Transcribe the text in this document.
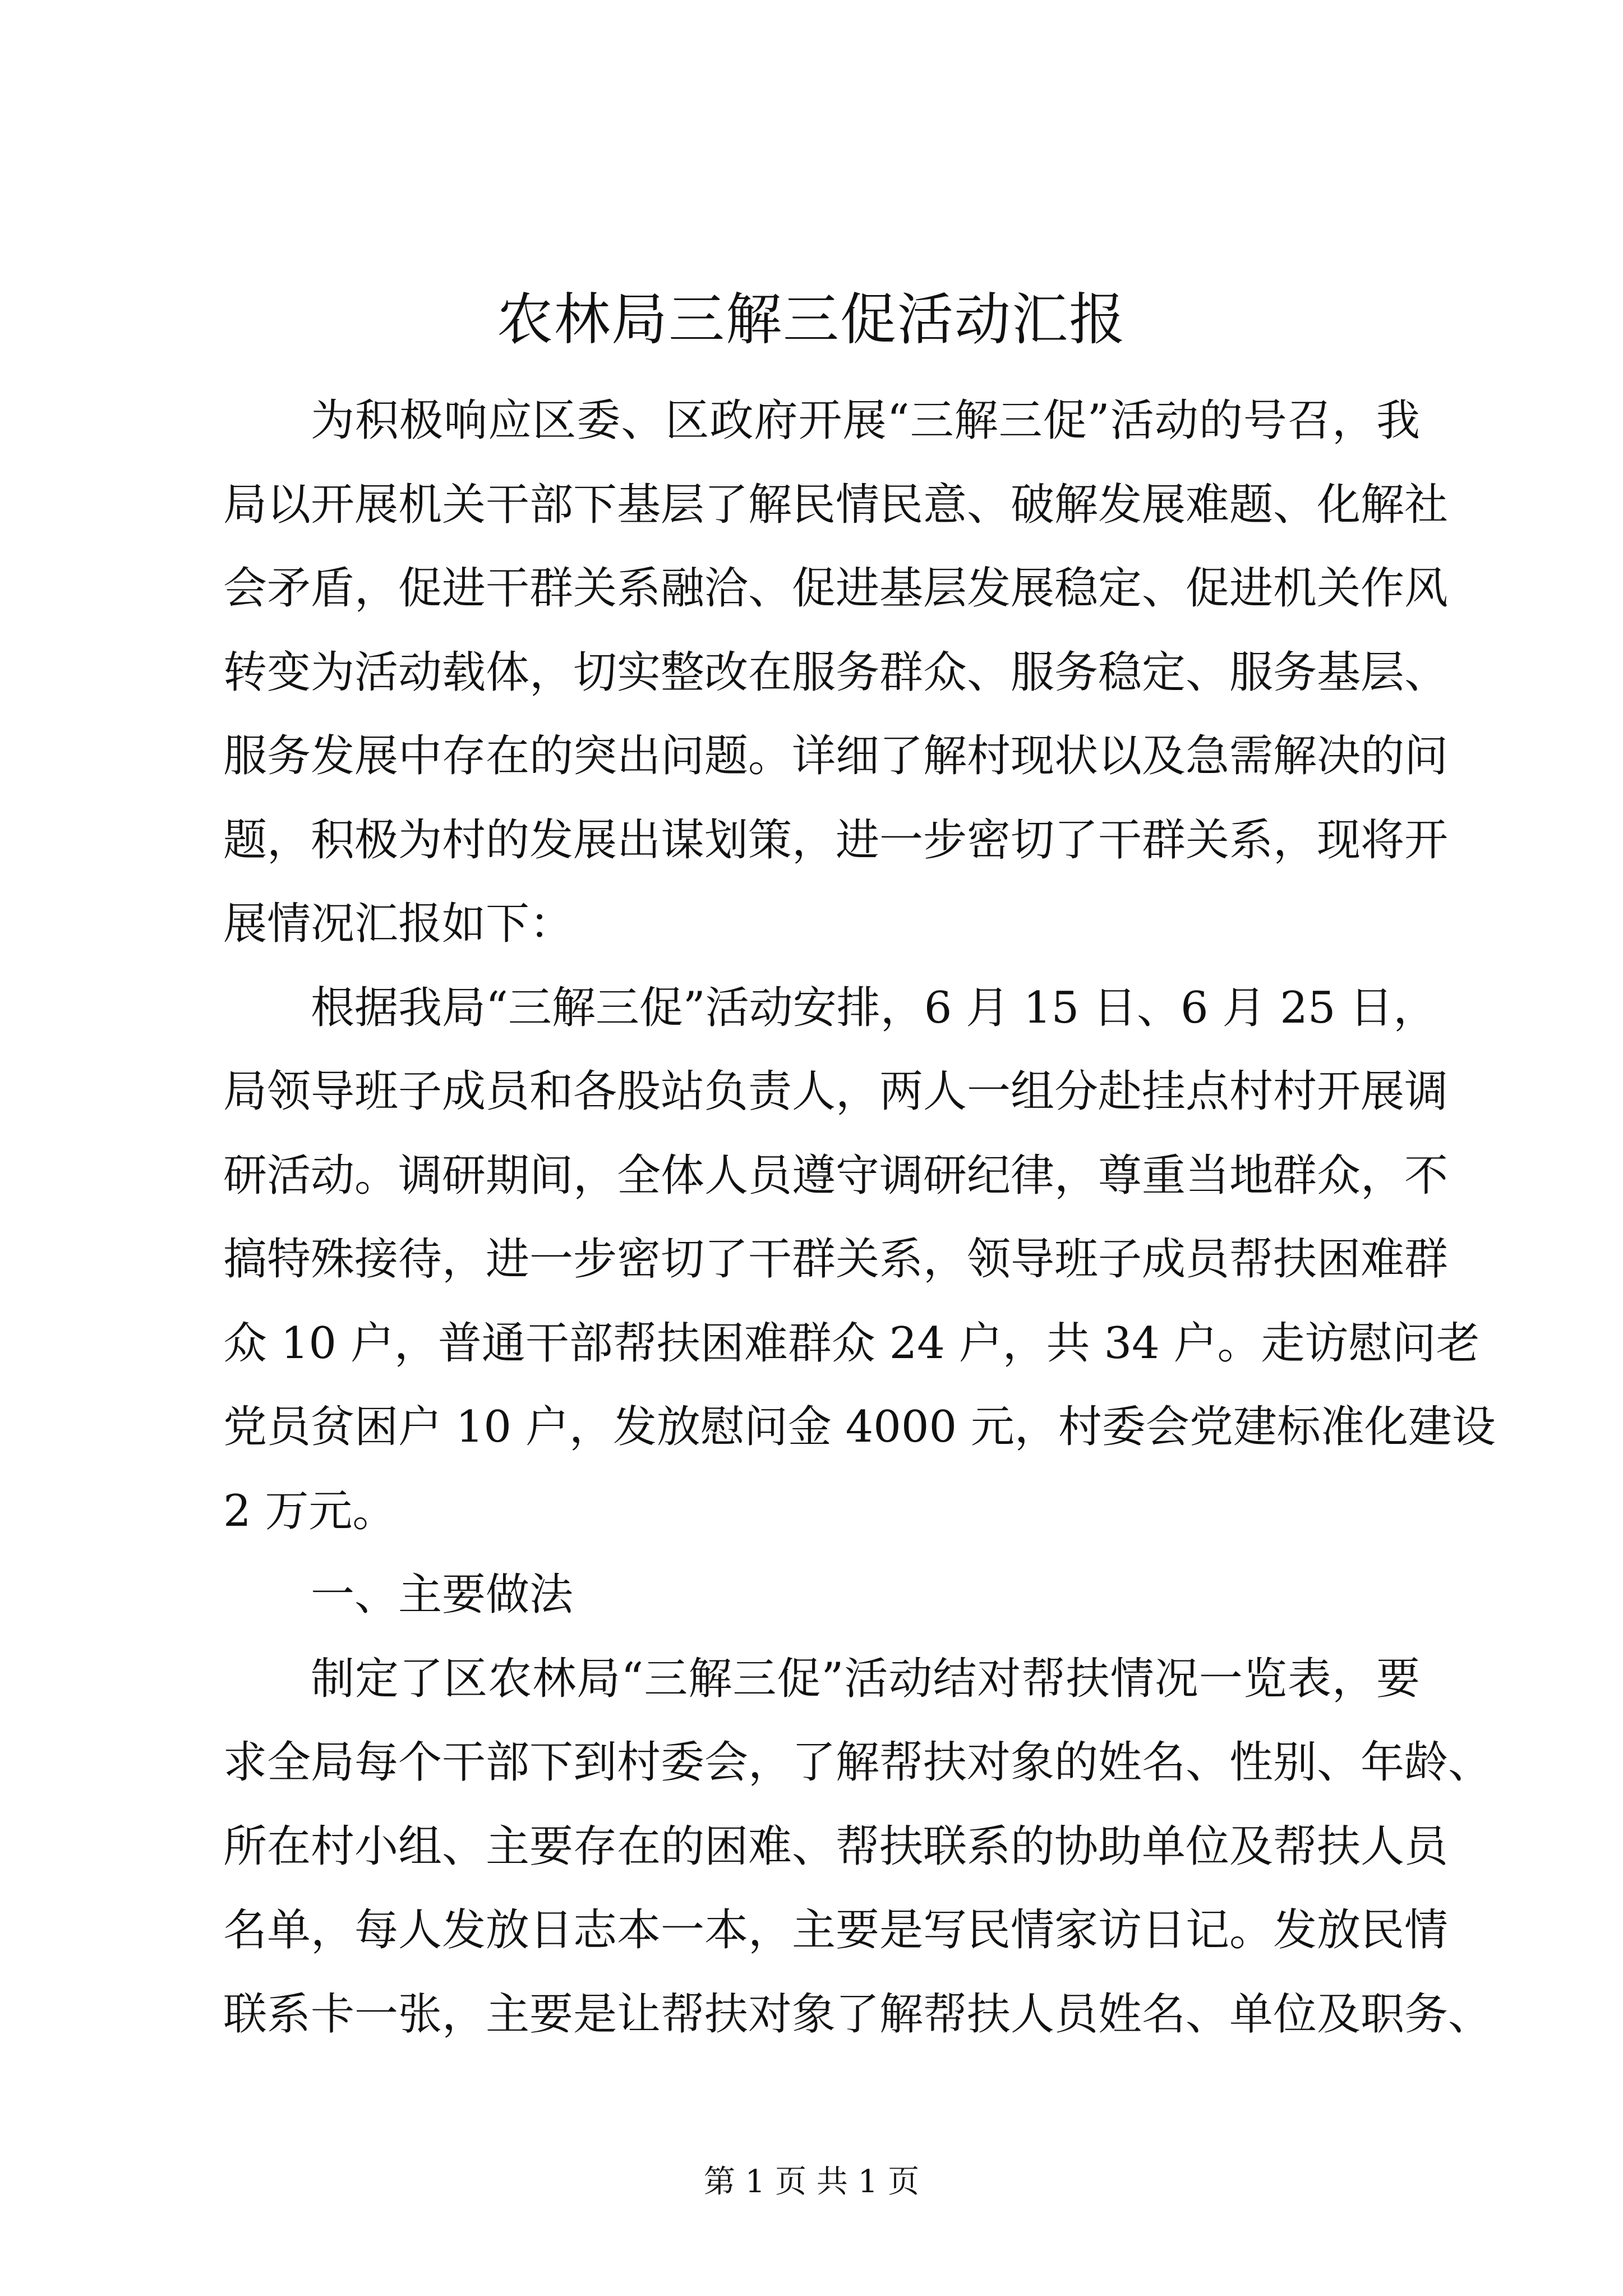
农林局三解三促活动汇报
为积极响应区委、区政府开展“三解三促”活动的号召，我
局以开展机关干部下基层了解民情民意、破解发展难题、化解社
会矛盾，促进干群关系融洽、促进基层发展稳定、促进机关作风
转变为活动载体，切实整改在服务群众、服务稳定、服务基层、
服务发展中存在的突出问题。详细了解村现状以及急需解决的问
题，积极为村的发展出谋划策，进一步密切了干群关系，现将开
展情况汇报如下：
根据我局“三解三促”活动安排，6 月 15 日、6 月 25 日，
局领导班子成员和各股站负责人，两人一组分赴挂点村村开展调
研活动。调研期间，全体人员遵守调研纪律，尊重当地群众，不
搞特殊接待，进一步密切了干群关系，领导班子成员帮扶困难群
众 10 户，普通干部帮扶困难群众 24 户，共 34 户。走访慰问老
党员贫困户 10 户，发放慰问金 4000 元，村委会党建标准化建设
2 万元。
一、主要做法
制定了区农林局“三解三促”活动结对帮扶情况一览表，要
求全局每个干部下到村委会，了解帮扶对象的姓名、性别、年龄、
所在村小组、主要存在的困难、帮扶联系的协助单位及帮扶人员
名单，每人发放日志本一本，主要是写民情家访日记。发放民情
联系卡一张，主要是让帮扶对象了解帮扶人员姓名、单位及职务、
第 1 页 共 1 页
